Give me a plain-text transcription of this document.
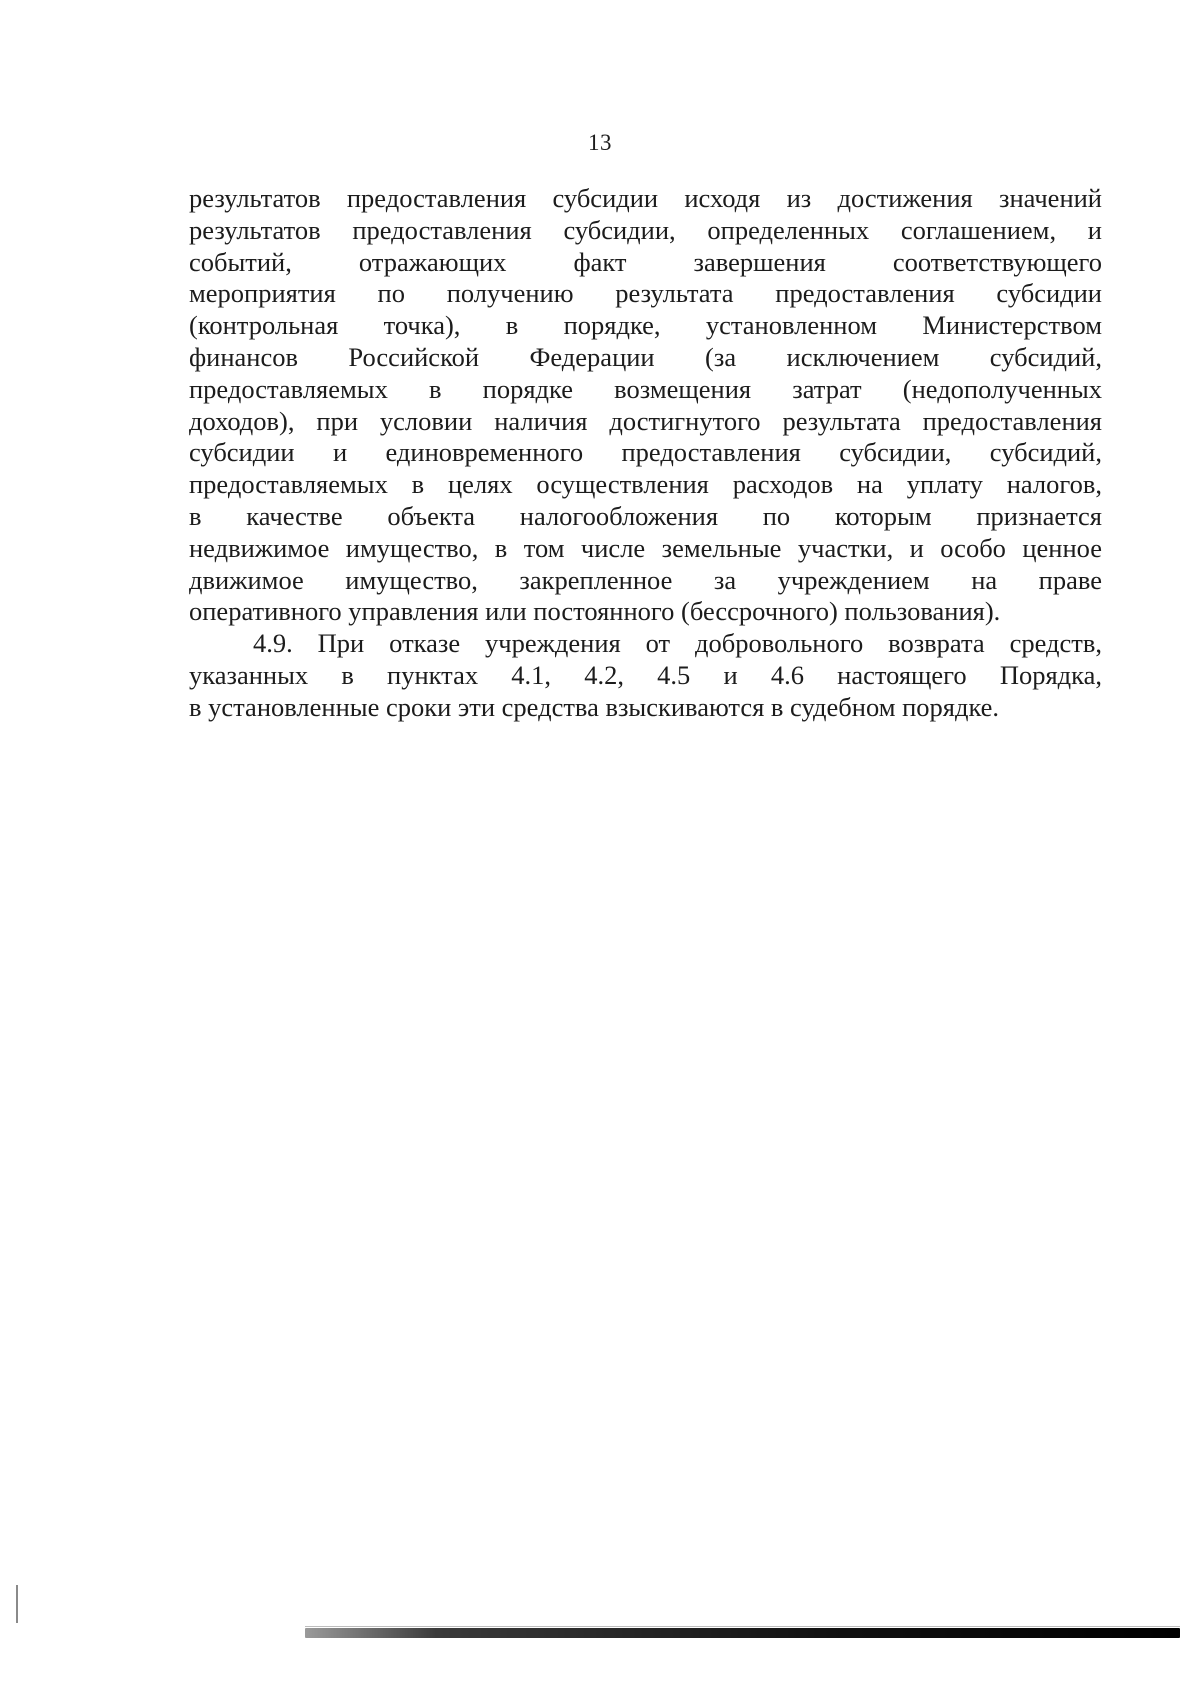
13
результатов предоставления субсидии исходя из достижения значений
результатов предоставления субсидии, определенных соглашением, и
событий, отражающих факт завершения соответствующего
мероприятия по получению результата предоставления субсидии
(контрольная точка), в порядке, установленном Министерством
финансов Российской Федерации (за исключением субсидий,
предоставляемых в порядке возмещения затрат (недополученных
доходов), при условии наличия достигнутого результата предоставления
субсидии и единовременного предоставления субсидии, субсидий,
предоставляемых в целях осуществления расходов на уплату налогов,
в качестве объекта налогообложения по которым признается
недвижимое имущество, в том числе земельные участки, и особо ценное
движимое имущество, закрепленное за учреждением на праве
оперативного управления или постоянного (бессрочного) пользования).
4.9. При отказе учреждения от добровольного возврата средств,
указанных в пунктах 4.1, 4.2, 4.5 и 4.6 настоящего Порядка,
в установленные сроки эти средства взыскиваются в судебном порядке.
